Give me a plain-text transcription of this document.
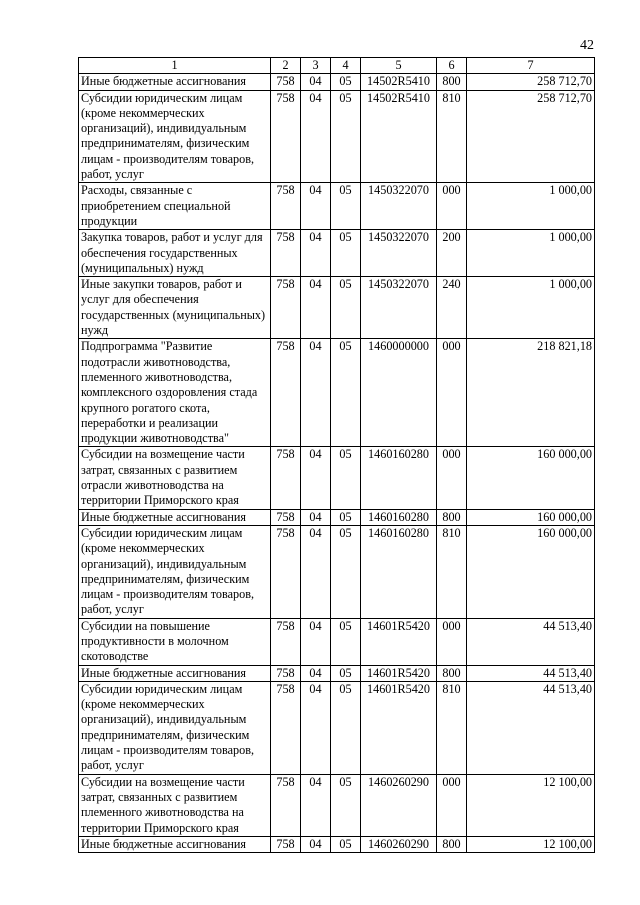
42
1	2	3	4	5	6	7
Иные бюджетные ассигнования	758	04	05	14502R5410	800	258 712,70
Субсидии юридическим лицам (кроме некоммерческих организаций), индивидуальным предпринимателям, физическим лицам - производителям товаров, работ, услуг	758	04	05	14502R5410	810	258 712,70
Расходы, связанные с приобретением специальной продукции	758	04	05	1450322070	000	1 000,00
Закупка товаров, работ и услуг для обеспечения государственных (муниципальных) нужд	758	04	05	1450322070	200	1 000,00
Иные закупки товаров, работ и услуг для обеспечения государственных (муниципальных) нужд	758	04	05	1450322070	240	1 000,00
Подпрограмма "Развитие подотрасли животноводства, племенного животноводства, комплексного оздоровления стада крупного рогатого скота, переработки и реализации продукции животноводства"	758	04	05	1460000000	000	218 821,18
Субсидии на возмещение части затрат, связанных с развитием отрасли животноводства на территории Приморского края	758	04	05	1460160280	000	160 000,00
Иные бюджетные ассигнования	758	04	05	1460160280	800	160 000,00
Субсидии юридическим лицам (кроме некоммерческих организаций), индивидуальным предпринимателям, физическим лицам - производителям товаров, работ, услуг	758	04	05	1460160280	810	160 000,00
Субсидии на повышение продуктивности в молочном скотоводстве	758	04	05	14601R5420	000	44 513,40
Иные бюджетные ассигнования	758	04	05	14601R5420	800	44 513,40
Субсидии юридическим лицам (кроме некоммерческих организаций), индивидуальным предпринимателям, физическим лицам - производителям товаров, работ, услуг	758	04	05	14601R5420	810	44 513,40
Субсидии на возмещение части затрат, связанных с развитием племенного животноводства на территории Приморского края	758	04	05	1460260290	000	12 100,00
Иные бюджетные ассигнования	758	04	05	1460260290	800	12 100,00
